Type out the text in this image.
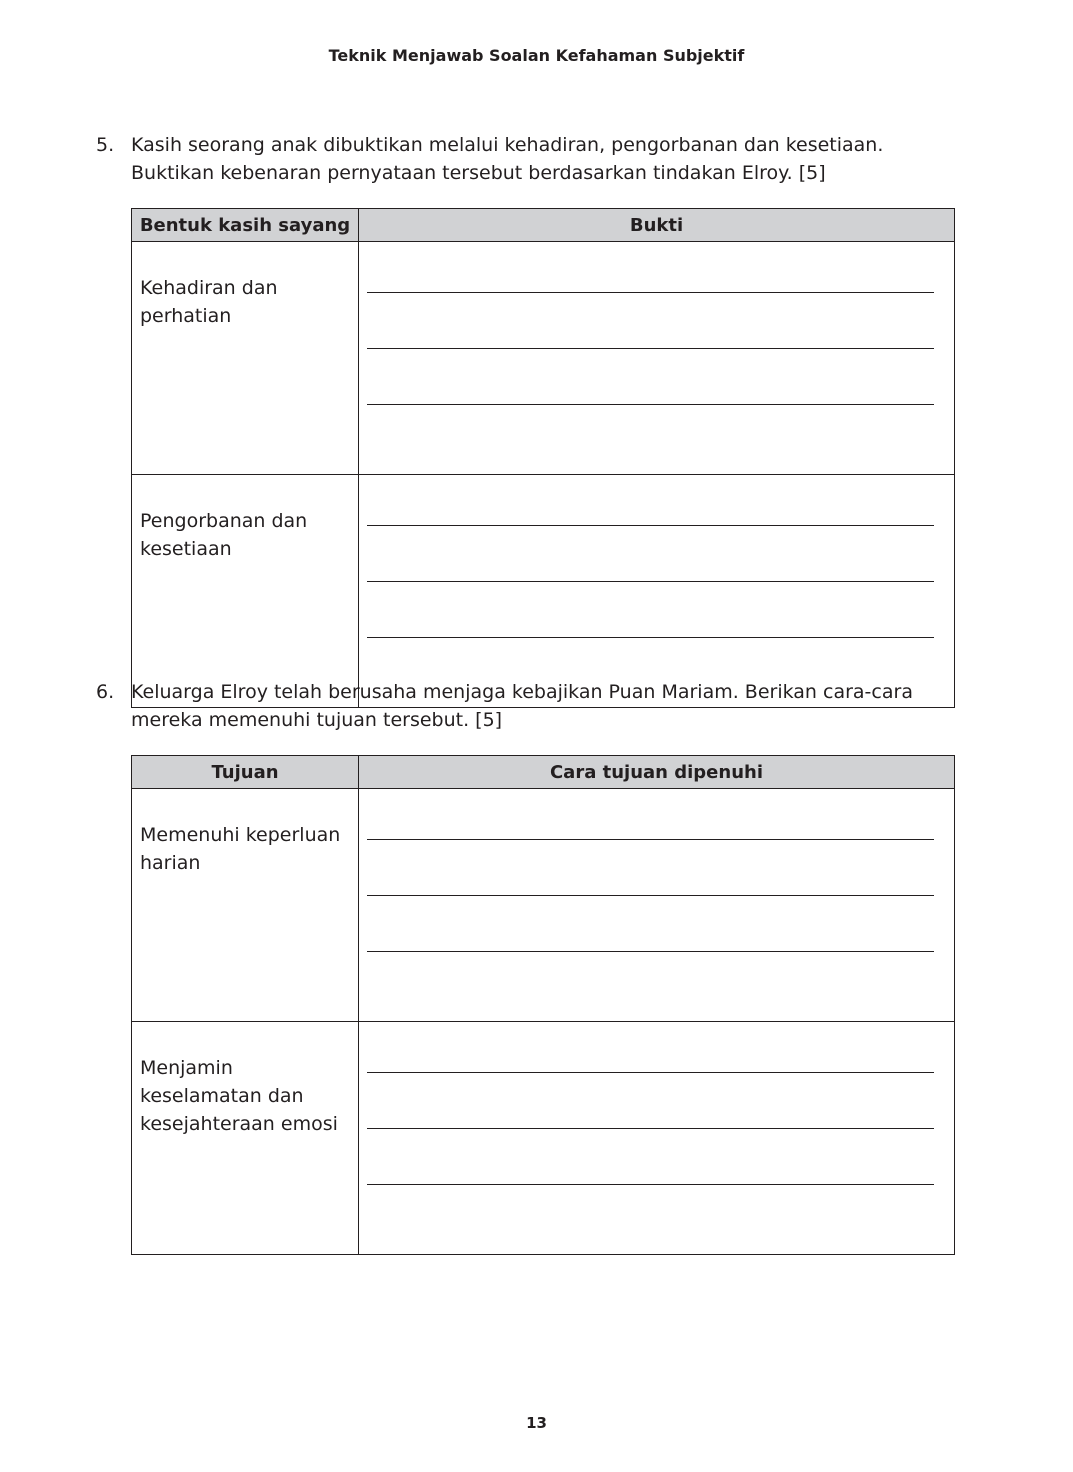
Teknik Menjawab Soalan Kefahaman Subjektif
5. Kasih seorang anak dibuktikan melalui kehadiran, pengorbanan dan kesetiaan. Buktikan kebenaran pernyataan tersebut berdasarkan tindakan Elroy. [5]
Bentuk kasih sayang	Bukti
Kehadiran dan perhatian	

Pengorbanan dan kesetiaan	
6. Keluarga Elroy telah berusaha menjaga kebajikan Puan Mariam. Berikan cara-cara mereka memenuhi tujuan tersebut. [5]
Tujuan	Cara tujuan dipenuhi
Memenuhi keperluan harian	

Menjamin keselamatan dan kesejahteraan emosi	
13
